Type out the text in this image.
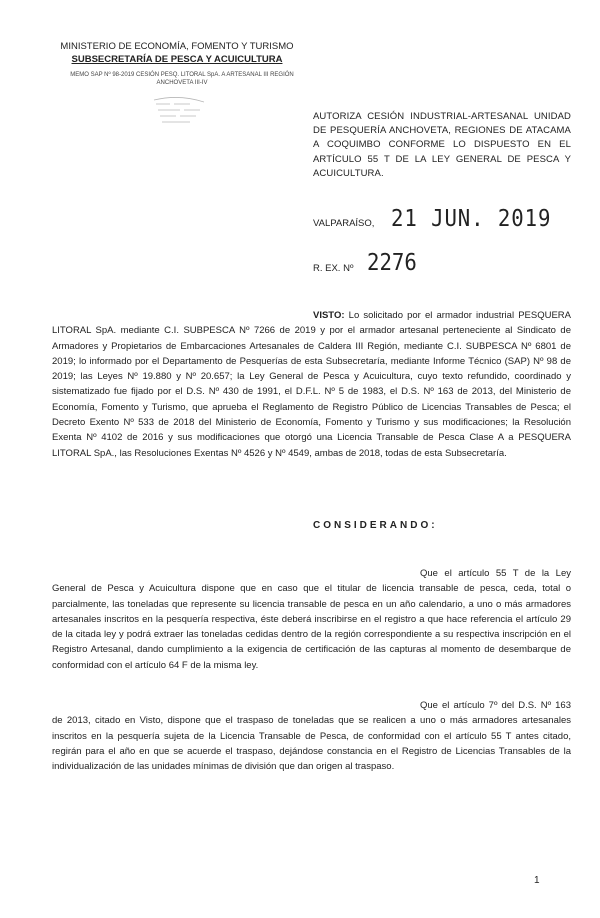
MINISTERIO DE ECONOMÍA, FOMENTO Y TURISMO
SUBSECRETARÍA DE PESCA Y ACUICULTURA
MEMO SAP Nº 98-2019 CESIÓN PESQ. LITORAL SpA. A ARTESANAL III REGIÓN ANCHOVETA III-IV
AUTORIZA CESIÓN INDUSTRIAL-ARTESANAL UNIDAD DE PESQUERÍA ANCHOVETA, REGIONES DE ATACAMA A COQUIMBO CONFORME LO DISPUESTO EN EL ARTÍCULO 55 T DE LA LEY GENERAL DE PESCA Y ACUICULTURA.
VALPARAÍSO, 21 JUN. 2019
R. EX. Nº 2276
VISTO: Lo solicitado por el armador industrial PESQUERA LITORAL SpA. mediante C.I. SUBPESCA Nº 7266 de 2019 y por el armador artesanal perteneciente al Sindicato de Armadores y Propietarios de Embarcaciones Artesanales de Caldera III Región, mediante C.I. SUBPESCA Nº 6801 de 2019; lo informado por el Departamento de Pesquerías de esta Subsecretaría, mediante Informe Técnico (SAP) Nº 98 de 2019; las Leyes Nº 19.880 y Nº 20.657; la Ley General de Pesca y Acuicultura, cuyo texto refundido, coordinado y sistematizado fue fijado por el D.S. Nº 430 de 1991, el D.F.L. Nº 5 de 1983, el D.S. Nº 163 de 2013, del Ministerio de Economía, Fomento y Turismo, que aprueba el Reglamento de Registro Público de Licencias Transables de Pesca; el Decreto Exento Nº 533 de 2018 del Ministerio de Economía, Fomento y Turismo y sus modificaciones; la Resolución Exenta Nº 4102 de 2016 y sus modificaciones que otorgó una Licencia Transable de Pesca Clase A a PESQUERA LITORAL SpA., las Resoluciones Exentas Nº 4526 y Nº 4549, ambas de 2018, todas de esta Subsecretaría.
CONSIDERANDO:
Que el artículo 55 T de la Ley General de Pesca y Acuicultura dispone que en caso que el titular de licencia transable de pesca, ceda, total o parcialmente, las toneladas que represente su licencia transable de pesca en un año calendario, a uno o más armadores artesanales inscritos en la pesquería respectiva, éste deberá inscribirse en el registro a que hace referencia el artículo 29 de la citada ley y podrá extraer las toneladas cedidas dentro de la región correspondiente a su respectiva inscripción en el Registro Artesanal, dando cumplimiento a la exigencia de certificación de las capturas al momento de desembarque de conformidad con el artículo 64 F de la misma ley.
Que el artículo 7º del D.S. Nº 163 de 2013, citado en Visto, dispone que el traspaso de toneladas que se realicen a uno o más armadores artesanales inscritos en la pesquería sujeta de la Licencia Transable de Pesca, de conformidad con el artículo 55 T antes citado, regirán para el año en que se acuerde el traspaso, dejándose constancia en el Registro de Licencias Transables de la individualización de las unidades mínimas de división que dan origen al traspaso.
1
